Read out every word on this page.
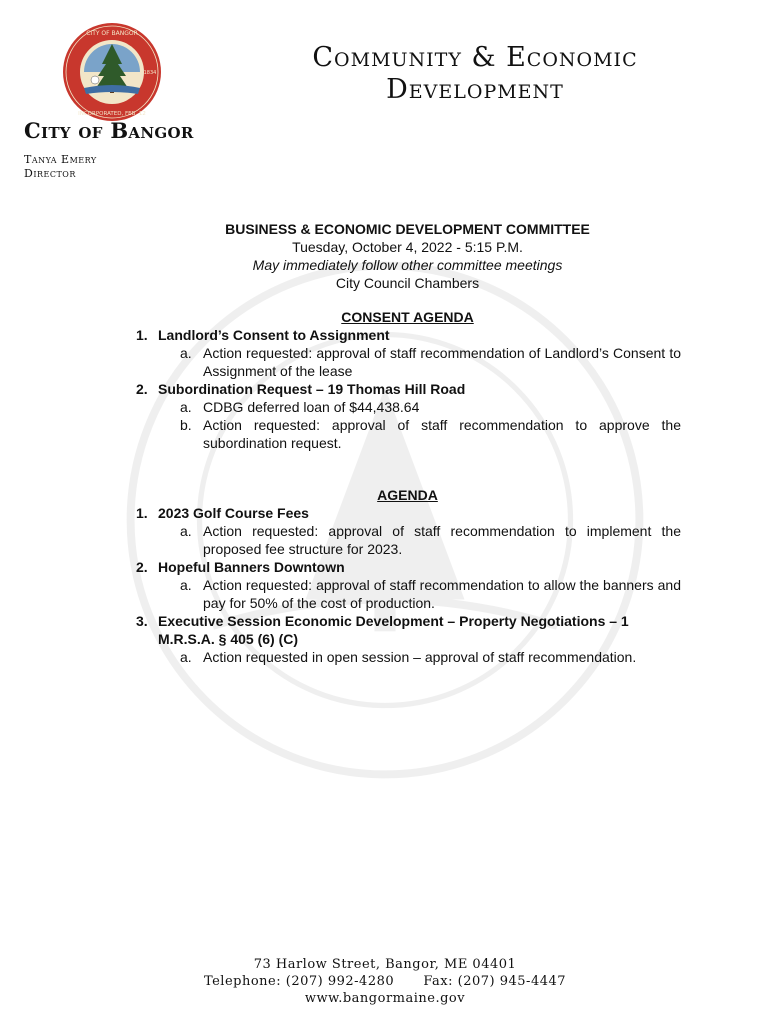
CITY OF BANGOR
INCORPORATED, FEB. 12
1834	Community & Economic
Development
City of Bangor
Tanya Emery
Director
BUSINESS & ECONOMIC DEVELOPMENT COMMITTEE
Tuesday, October 4, 2022 - 5:15 P.M.
May immediately follow other committee meetings
City Council Chambers
CONSENT AGENDA
1. Landlord’s Consent to Assignment
a. Action requested: approval of staff recommendation of Landlord’s Consent to Assignment of the lease
2. Subordination Request – 19 Thomas Hill Road
a. CDBG deferred loan of $44,438.64
b. Action requested: approval of staff recommendation to approve the subordination request.
AGENDA
1. 2023 Golf Course Fees
a. Action requested: approval of staff recommendation to implement the proposed fee structure for 2023.
2. Hopeful Banners Downtown
a. Action requested: approval of staff recommendation to allow the banners and pay for 50% of the cost of production.
3. Executive Session Economic Development – Property Negotiations – 1 M.R.S.A. § 405 (6) (C)
a. Action requested in open session – approval of staff recommendation.
73 Harlow Street, Bangor, ME 04401
Telephone: (207) 992-4280 Fax: (207) 945-4447
www.bangormaine.gov
